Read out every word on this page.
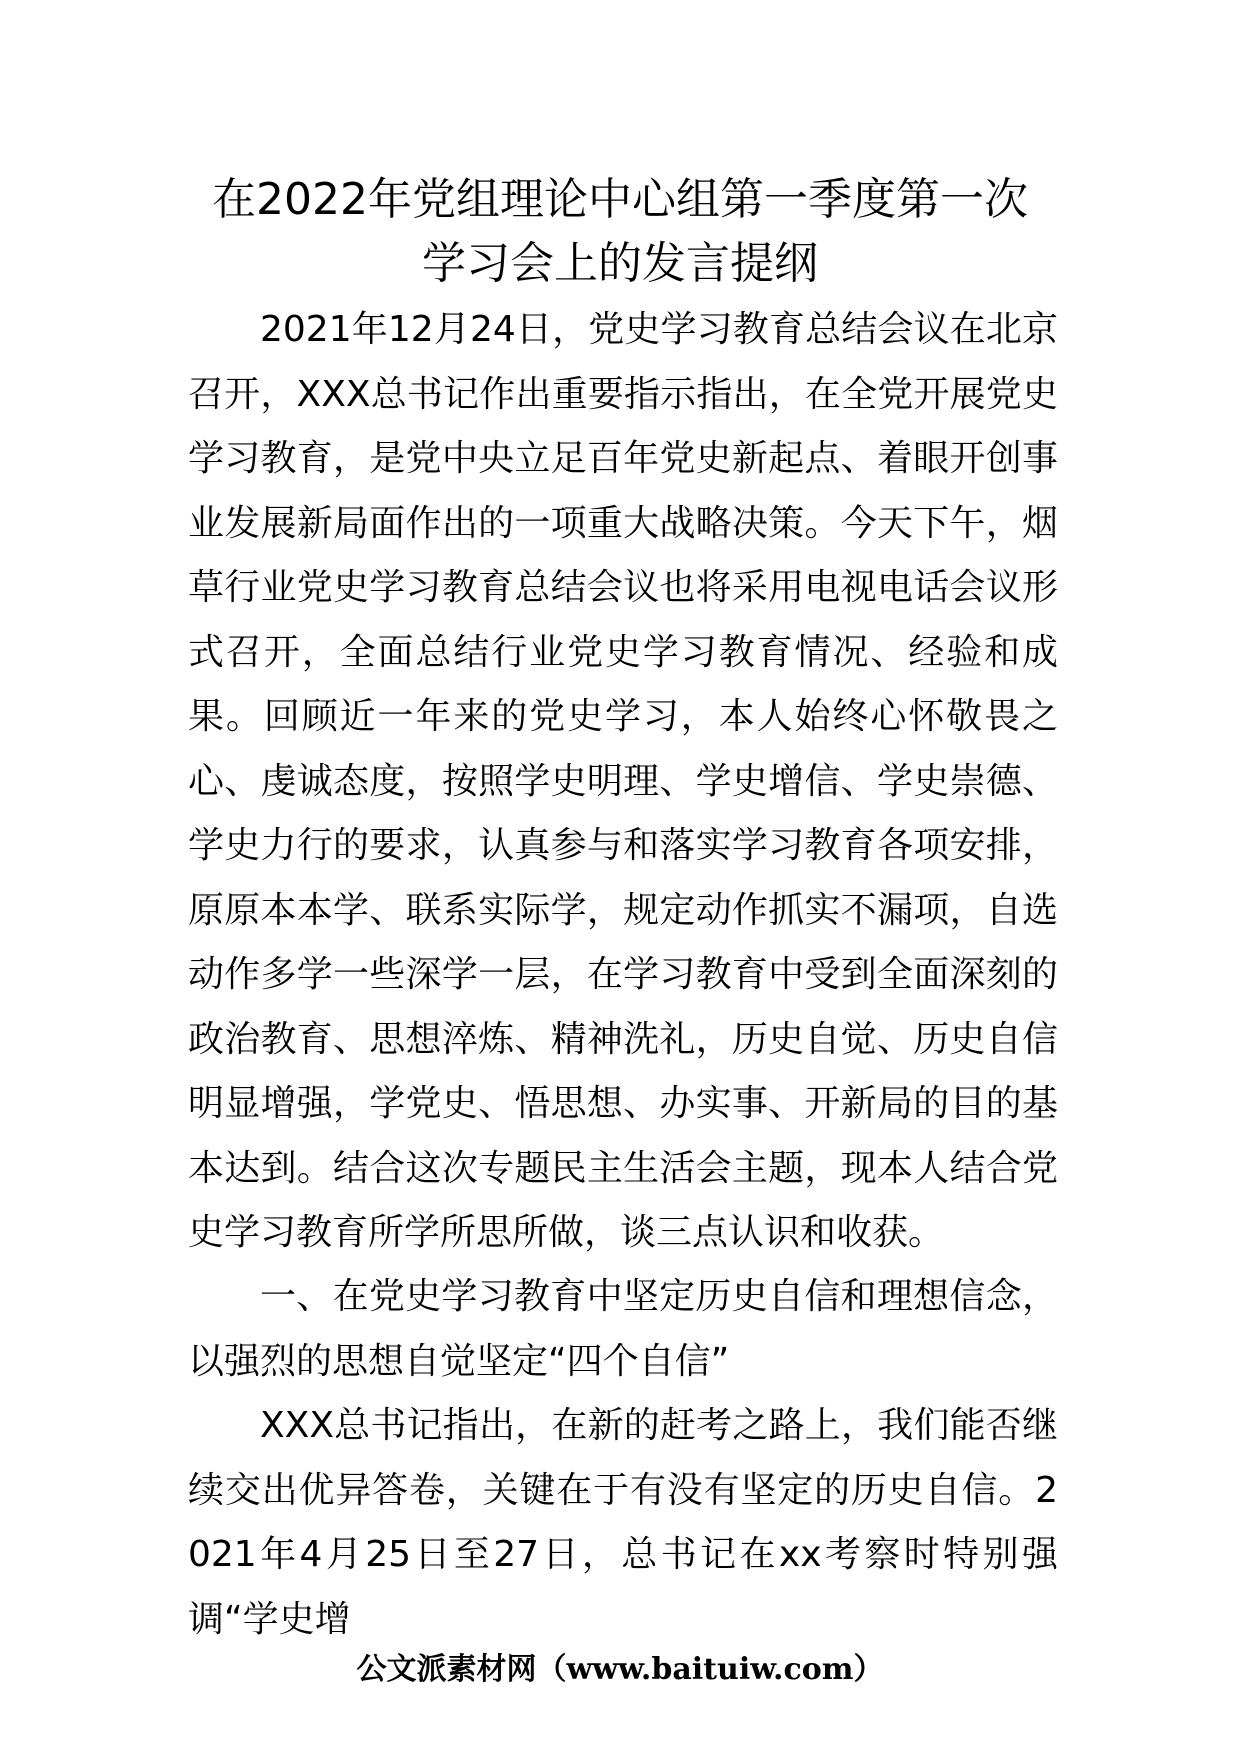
在2022年党组理论中心组第一季度第一次
学习会上的发言提纲

2021年12月24日，党史学习教育总结会议在北京召开，XXX总书记作出重要指示指出，在全党开展党史学习教育，是党中央立足百年党史新起点、着眼开创事业发展新局面作出的一项重大战略决策。今天下午，烟草行业党史学习教育总结会议也将采用电视电话会议形式召开，全面总结行业党史学习教育情况、经验和成果。回顾近一年来的党史学习，本人始终心怀敬畏之心、虔诚态度，按照学史明理、学史增信、学史崇德、学史力行的要求，认真参与和落实学习教育各项安排，原原本本学、联系实际学，规定动作抓实不漏项，自选动作多学一些深学一层，在学习教育中受到全面深刻的政治教育、思想淬炼、精神洗礼，历史自觉、历史自信明显增强，学党史、悟思想、办实事、开新局的目的基本达到。结合这次专题民主生活会主题，现本人结合党史学习教育所学所思所做，谈三点认识和收获。

一、在党史学习教育中坚定历史自信和理想信念，以强烈的思想自觉坚定“四个自信”

XXX总书记指出，在新的赶考之路上，我们能否继续交出优异答卷，关键在于有没有坚定的历史自信。2021年4月25日至27日，总书记在xx考察时特别强调“学史增

公文派素材网（www.baituiw.com）
